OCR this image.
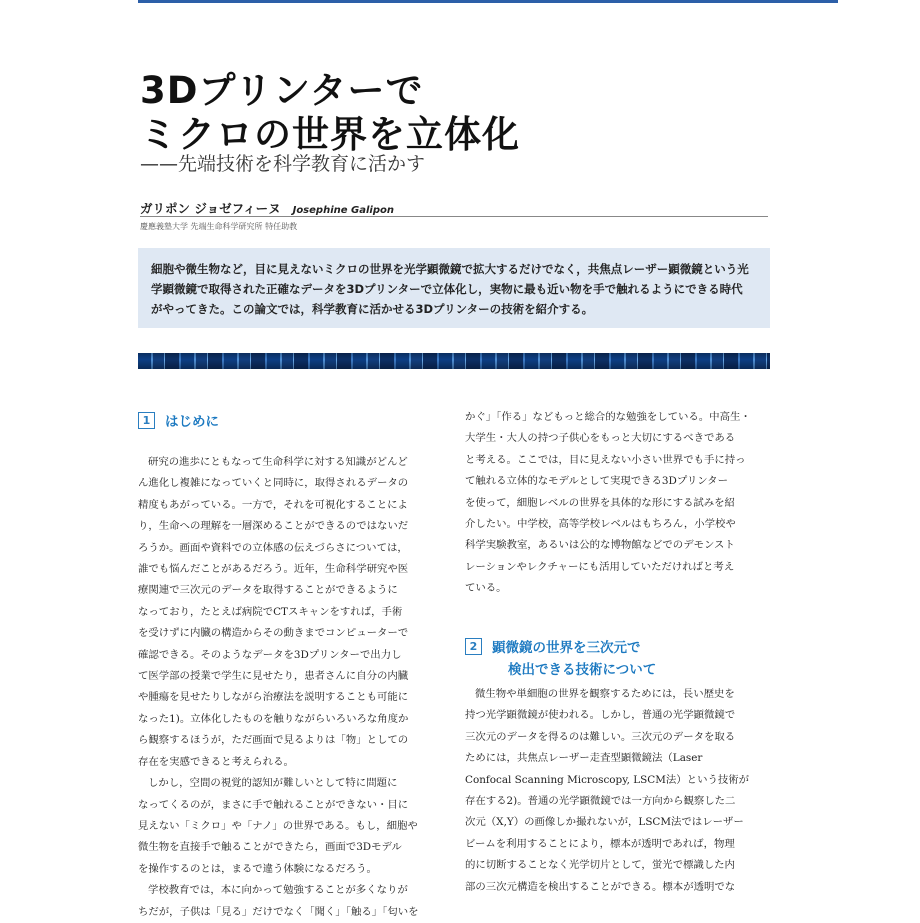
3Dプリンターで
ミクロの世界を立体化
——先端技術を科学教育に活かす
ガリポン ジョゼフィーヌ Josephine Galipon
慶應義塾大学 先端生命科学研究所 特任助教
細胞や微生物など，目に見えないミクロの世界を光学顕微鏡で拡大するだけでなく，共焦点レーザー顕微鏡という光
学顕微鏡で取得された正確なデータを3Dプリンターで立体化し，実物に最も近い物を手で触れるようにできる時代
がやってきた。この論文では，科学教育に活かせる3Dプリンターの技術を紹介する。
1	はじめに
研究の進歩にともなって生命科学に対する知識がどんど
ん進化し複雑になっていくと同時に，取得されるデータの
精度もあがっている。一方で，それを可視化することによ
り，生命への理解を一層深めることができるのではないだ
ろうか。画面や資料での立体感の伝えづらさについては，
誰でも悩んだことがあるだろう。近年，生命科学研究や医
療関連で三次元のデータを取得することができるように
なっており，たとえば病院でCTスキャンをすれば，手術
を受けずに内臓の構造からその動きまでコンピューターで
確認できる。そのようなデータを3Dプリンターで出力し
て医学部の授業で学生に見せたり，患者さんに自分の内臓
や腫瘍を見せたりしながら治療法を説明することも可能に
なった1)。立体化したものを触りながらいろいろな角度か
ら観察するほうが，ただ画面で見るよりは「物」としての
存在を実感できると考えられる。
しかし，空間の視覚的認知が難しいとして特に問題に
なってくるのが，まさに手で触れることができない・目に
見えない「ミクロ」や「ナノ」の世界である。もし，細胞や
微生物を直接手で触ることができたら，画面で3Dモデル
を操作するのとは，まるで違う体験になるだろう。
学校教育では，本に向かって勉強することが多くなりが
ちだが，子供は「見る」だけでなく「聞く」「触る」「匂いを
かぐ」「作る」などもっと総合的な勉強をしている。中高生・
大学生・大人の持つ子供心をもっと大切にするべきである
と考える。ここでは，目に見えない小さい世界でも手に持っ
て触れる立体的なモデルとして実現できる3Dプリンター
を使って，細胞レベルの世界を具体的な形にする試みを紹
介したい。中学校，高等学校レベルはもちろん，小学校や
科学実験教室，あるいは公的な博物館などでのデモンスト
レーションやレクチャーにも活用していただければと考え
ている。
2	顕微鏡の世界を三次元で
検出できる技術について
微生物や単細胞の世界を観察するためには，長い歴史を
持つ光学顕微鏡が使われる。しかし，普通の光学顕微鏡で
三次元のデータを得るのは難しい。三次元のデータを取る
ためには，共焦点レーザー走査型顕微鏡法（Laser
Confocal Scanning Microscopy, LSCM法）という技術が
存在する2)。普通の光学顕微鏡では一方向から観察した二
次元（X,Y）の画像しか撮れないが，LSCM法ではレーザー
ビームを利用することにより，標本が透明であれば，物理
的に切断することなく光学切片として，蛍光で標識した内
部の三次元構造を検出することができる。標本が透明でな
